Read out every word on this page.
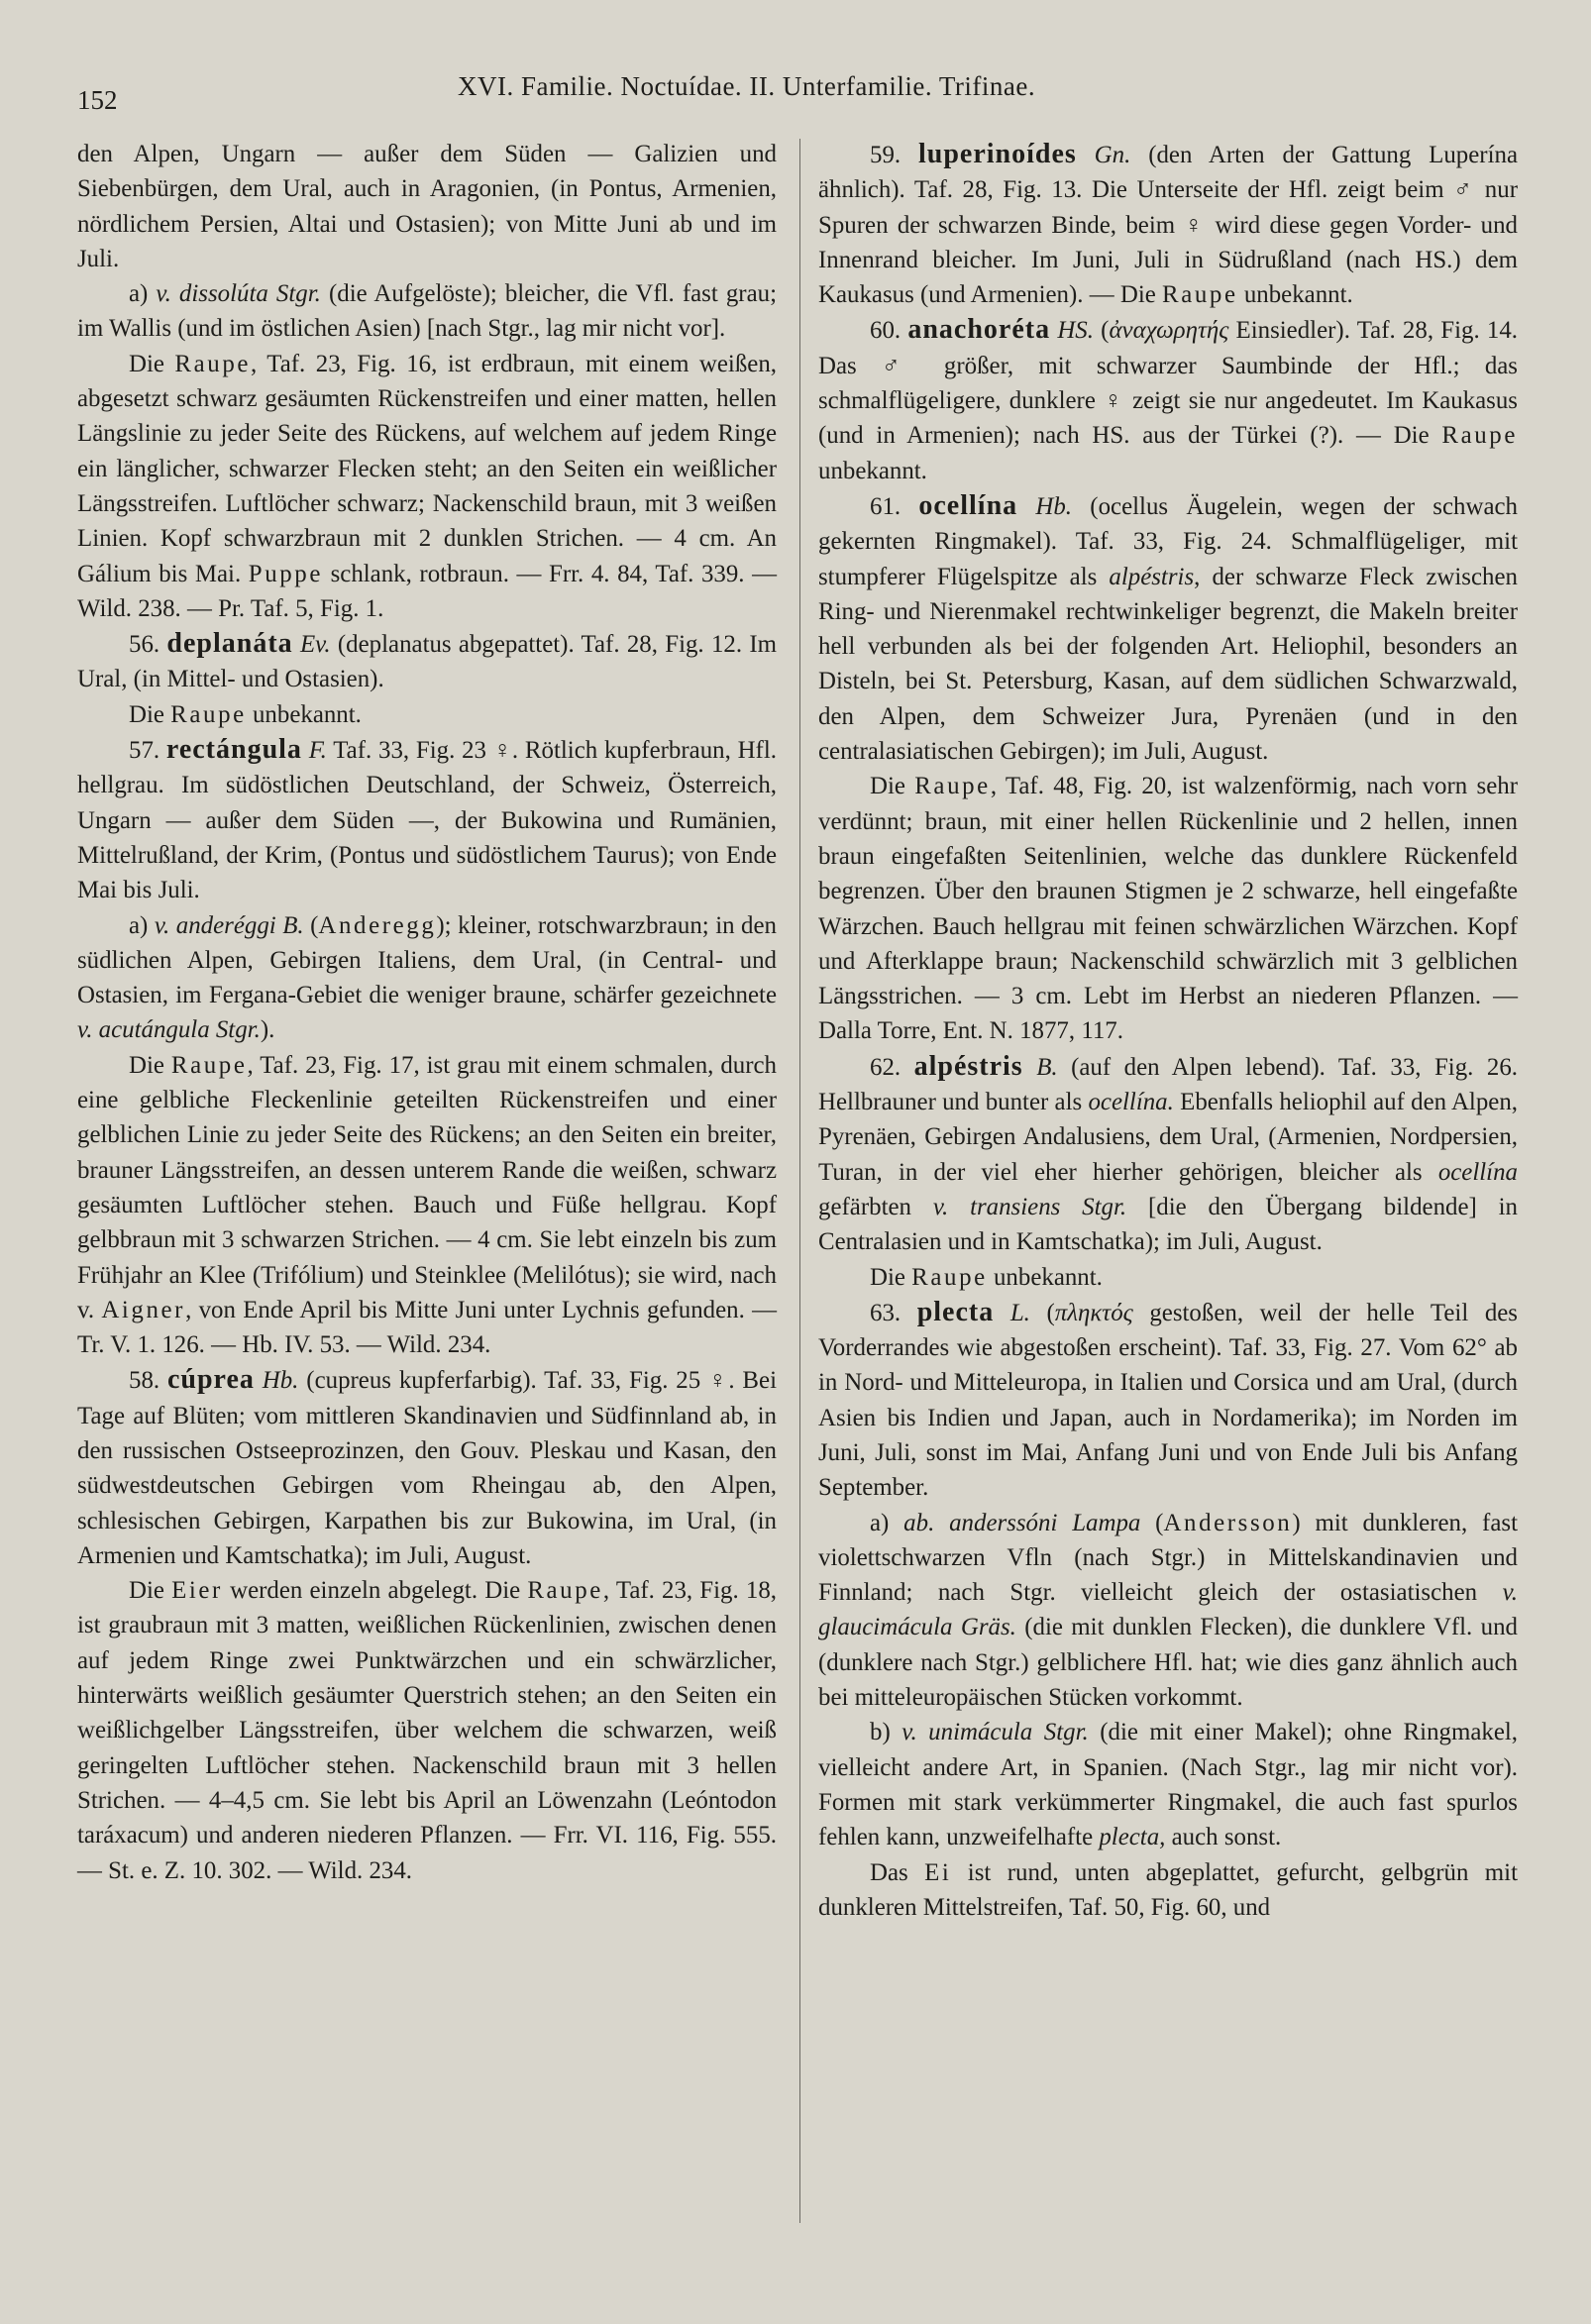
152	XVI. Familie. Noctuídae. II. Unterfamilie. Trifinae.

den Alpen, Ungarn — außer dem Süden — Galizien und Siebenbürgen, dem Ural, auch in Aragonien, (in Pontus, Armenien, nördlichem Persien, Altai und Ostasien); von Mitte Juni ab und im Juli.

a) v. dissolúta Stgr. (die Aufgelöste); bleicher, die Vfl. fast grau; im Wallis (und im östlichen Asien) [nach Stgr., lag mir nicht vor].

Die Raupe, Taf. 23, Fig. 16, ist erdbraun, mit einem weißen, abgesetzt schwarz gesäumten Rückenstreifen und einer matten, hellen Längslinie zu jeder Seite des Rückens, auf welchem auf jedem Ringe ein länglicher, schwarzer Flecken steht; an den Seiten ein weißlicher Längsstreifen. Luftlöcher schwarz; Nackenschild braun, mit 3 weißen Linien. Kopf schwarzbraun mit 2 dunklen Strichen. — 4 cm. An Gálium bis Mai. Puppe schlank, rotbraun. — Frr. 4. 84, Taf. 339. — Wild. 238. — Pr. Taf. 5, Fig. 1.

56. deplanáta Ev. (deplanatus abgepattet). Taf. 28, Fig. 12. Im Ural, (in Mittel- und Ostasien).

Die Raupe unbekannt.

57. rectángula F. Taf. 33, Fig. 23 ♀. Rötlich kupferbraun, Hfl. hellgrau. Im südöstlichen Deutschland, der Schweiz, Österreich, Ungarn — außer dem Süden —, der Bukowina und Rumänien, Mittelrußland, der Krim, (Pontus und südöstlichem Taurus); von Ende Mai bis Juli.

a) v. anderéggi B. (Anderegg); kleiner, rotschwarzbraun; in den südlichen Alpen, Gebirgen Italiens, dem Ural, (in Central- und Ostasien, im Fergana-Gebiet die weniger braune, schärfer gezeichnete v. acutángula Stgr.).

Die Raupe, Taf. 23, Fig. 17, ist grau mit einem schmalen, durch eine gelbliche Fleckenlinie geteilten Rückenstreifen und einer gelblichen Linie zu jeder Seite des Rückens; an den Seiten ein breiter, brauner Längsstreifen, an dessen unterem Rande die weißen, schwarz gesäumten Luftlöcher stehen. Bauch und Füße hellgrau. Kopf gelbbraun mit 3 schwarzen Strichen. — 4 cm. Sie lebt einzeln bis zum Frühjahr an Klee (Trifólium) und Steinklee (Melilótus); sie wird, nach v. Aigner, von Ende April bis Mitte Juni unter Lychnis gefunden. — Tr. V. 1. 126. — Hb. IV. 53. — Wild. 234.

58. cúprea Hb. (cupreus kupferfarbig). Taf. 33, Fig. 25 ♀. Bei Tage auf Blüten; vom mittleren Skandinavien und Südfinnland ab, in den russischen Ostseeprozinzen, den Gouv. Pleskau und Kasan, den südwestdeutschen Gebirgen vom Rheingau ab, den Alpen, schlesischen Gebirgen, Karpathen bis zur Bukowina, im Ural, (in Armenien und Kamtschatka); im Juli, August.

Die Eier werden einzeln abgelegt. Die Raupe, Taf. 23, Fig. 18, ist graubraun mit 3 matten, weißlichen Rückenlinien, zwischen denen auf jedem Ringe zwei Punktwärzchen und ein schwärzlicher, hinterwärts weißlich gesäumter Querstrich stehen; an den Seiten ein weißlichgelber Längsstreifen, über welchem die schwarzen, weiß geringelten Luftlöcher stehen. Nackenschild braun mit 3 hellen Strichen. — 4–4,5 cm. Sie lebt bis April an Löwenzahn (Leóntodon taráxacum) und anderen niederen Pflanzen. — Frr. VI. 116, Fig. 555. — St. e. Z. 10. 302. — Wild. 234.

59. luperinoídes Gn. (den Arten der Gattung Luperína ähnlich). Taf. 28, Fig. 13. Die Unterseite der Hfl. zeigt beim ♂ nur Spuren der schwarzen Binde, beim ♀ wird diese gegen Vorder- und Innenrand bleicher. Im Juni, Juli in Südrußland (nach HS.) dem Kaukasus (und Armenien). — Die Raupe unbekannt.

60. anachoréta HS. (ἀναχωρητής Einsiedler). Taf. 28, Fig. 14. Das ♂ größer, mit schwarzer Saumbinde der Hfl.; das schmalflügeligere, dunklere ♀ zeigt sie nur angedeutet. Im Kaukasus (und in Armenien); nach HS. aus der Türkei (?). — Die Raupe unbekannt.

61. ocellína Hb. (ocellus Äugelein, wegen der schwach gekernten Ringmakel). Taf. 33, Fig. 24. Schmalflügeliger, mit stumpferer Flügelspitze als alpéstris, der schwarze Fleck zwischen Ring- und Nierenmakel rechtwinkeliger begrenzt, die Makeln breiter hell verbunden als bei der folgenden Art. Heliophil, besonders an Disteln, bei St. Petersburg, Kasan, auf dem südlichen Schwarzwald, den Alpen, dem Schweizer Jura, Pyrenäen (und in den centralasiatischen Gebirgen); im Juli, August.

Die Raupe, Taf. 48, Fig. 20, ist walzenförmig, nach vorn sehr verdünnt; braun, mit einer hellen Rückenlinie und 2 hellen, innen braun eingefaßten Seitenlinien, welche das dunklere Rückenfeld begrenzen. Über den braunen Stigmen je 2 schwarze, hell eingefaßte Wärzchen. Bauch hellgrau mit feinen schwärzlichen Wärzchen. Kopf und Afterklappe braun; Nackenschild schwärzlich mit 3 gelblichen Längsstrichen. — 3 cm. Lebt im Herbst an niederen Pflanzen. — Dalla Torre, Ent. N. 1877, 117.

62. alpéstris B. (auf den Alpen lebend). Taf. 33, Fig. 26. Hellbrauner und bunter als ocellína. Ebenfalls heliophil auf den Alpen, Pyrenäen, Gebirgen Andalusiens, dem Ural, (Armenien, Nordpersien, Turan, in der viel eher hierher gehörigen, bleicher als ocellína gefärbten v. transiens Stgr. [die den Übergang bildende] in Centralasien und in Kamtschatka); im Juli, August.

Die Raupe unbekannt.

63. plecta L. (πληκτός gestoßen, weil der helle Teil des Vorderrandes wie abgestoßen erscheint). Taf. 33, Fig. 27. Vom 62° ab in Nord- und Mitteleuropa, in Italien und Corsica und am Ural, (durch Asien bis Indien und Japan, auch in Nordamerika); im Norden im Juni, Juli, sonst im Mai, Anfang Juni und von Ende Juli bis Anfang September.

a) ab. anderssóni Lampa (Andersson) mit dunkleren, fast violettschwarzen Vfln (nach Stgr.) in Mittelskandinavien und Finnland; nach Stgr. vielleicht gleich der ostasiatischen v. glaucimácula Gräs. (die mit dunklen Flecken), die dunklere Vfl. und (dunklere nach Stgr.) gelblichere Hfl. hat; wie dies ganz ähnlich auch bei mitteleuropäischen Stücken vorkommt.

b) v. unimácula Stgr. (die mit einer Makel); ohne Ringmakel, vielleicht andere Art, in Spanien. (Nach Stgr., lag mir nicht vor). Formen mit stark verkümmerter Ringmakel, die auch fast spurlos fehlen kann, unzweifelhafte plecta, auch sonst.

Das Ei ist rund, unten abgeplattet, gefurcht, gelbgrün mit dunkleren Mittelstreifen, Taf. 50, Fig. 60, und
